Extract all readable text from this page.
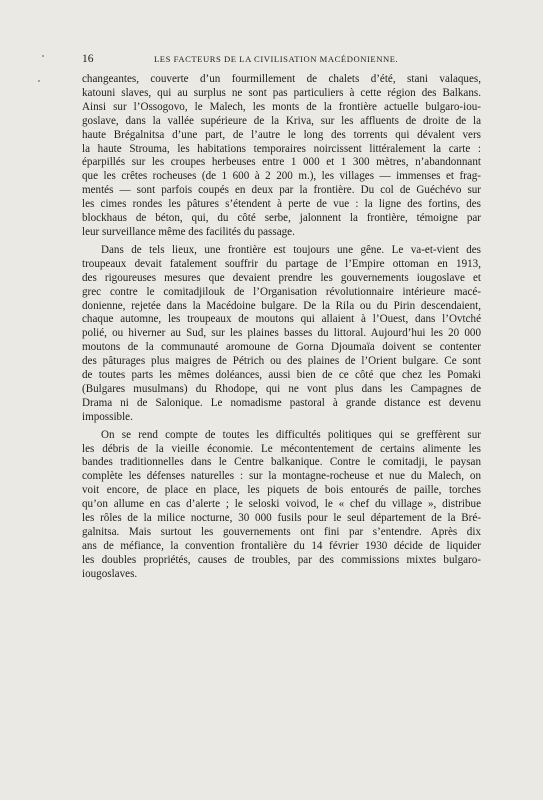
16	LES FACTEURS DE LA CIVILISATION MACÉDONIENNE.
changeantes, couverte d’un fourmillement de chalets d’été, stani valaques,
katouni slaves, qui au surplus ne sont pas particuliers à cette région des Balkans.
Ainsi sur l’Ossogovo, le Malech, les monts de la frontière actuelle bulgaro-iou-
goslave, dans la vallée supérieure de la Kriva, sur les affluents de droite de la
haute Brégalnitsa d’une part, de l’autre le long des torrents qui dévalent vers
la haute Strouma, les habitations temporaires noircissent littéralement la carte :
éparpillés sur les croupes herbeuses entre 1 000 et 1 300 mètres, n’abandonnant
que les crêtes rocheuses (de 1 600 à 2 200 m.), les villages — immenses et frag-
mentés — sont parfois coupés en deux par la frontière. Du col de Guéchévo sur
les cimes rondes les pâtures s’étendent à perte de vue : la ligne des fortins, des
blockhaus de béton, qui, du côté serbe, jalonnent la frontière, témoigne par
leur surveillance même des facilités du passage.
Dans de tels lieux, une frontière est toujours une gêne. Le va-et-vient des
troupeaux devait fatalement souffrir du partage de l’Empire ottoman en 1913,
des rigoureuses mesures que devaient prendre les gouvernements iougoslave et
grec contre le comitadjilouk de l’Organisation révolutionnaire intérieure macé-
donienne, rejetée dans la Macédoine bulgare. De la Rila ou du Pirin descendaient,
chaque automne, les troupeaux de moutons qui allaient à l’Ouest, dans l’Ovtché
polié, ou hiverner au Sud, sur les plaines basses du littoral. Aujourd’hui les 20 000
moutons de la communauté aromoune de Gorna Djoumaïa doivent se contenter
des pâturages plus maigres de Pétrich ou des plaines de l’Orient bulgare. Ce sont
de toutes parts les mêmes doléances, aussi bien de ce côté que chez les Pomaki
(Bulgares musulmans) du Rhodope, qui ne vont plus dans les Campagnes de
Drama ni de Salonique. Le nomadisme pastoral à grande distance est devenu
impossible.
On se rend compte de toutes les difficultés politiques qui se greffèrent sur
les débris de la vieille économie. Le mécontentement de certains alimente les
bandes traditionnelles dans le Centre balkanique. Contre le comitadji, le paysan
complète les défenses naturelles : sur la montagne-rocheuse et nue du Malech, on
voit encore, de place en place, les piquets de bois entourés de paille, torches
qu’on allume en cas d’alerte ; le seloski voivod, le « chef du village », distribue
les rôles de la milice nocturne, 30 000 fusils pour le seul département de la Bré-
galnitsa. Mais surtout les gouvernements ont fini par s’entendre. Après dix
ans de méfiance, la convention frontalière du 14 février 1930 décide de liquider
les doubles propriétés, causes de troubles, par des commissions mixtes bulgaro-
iougoslaves.
